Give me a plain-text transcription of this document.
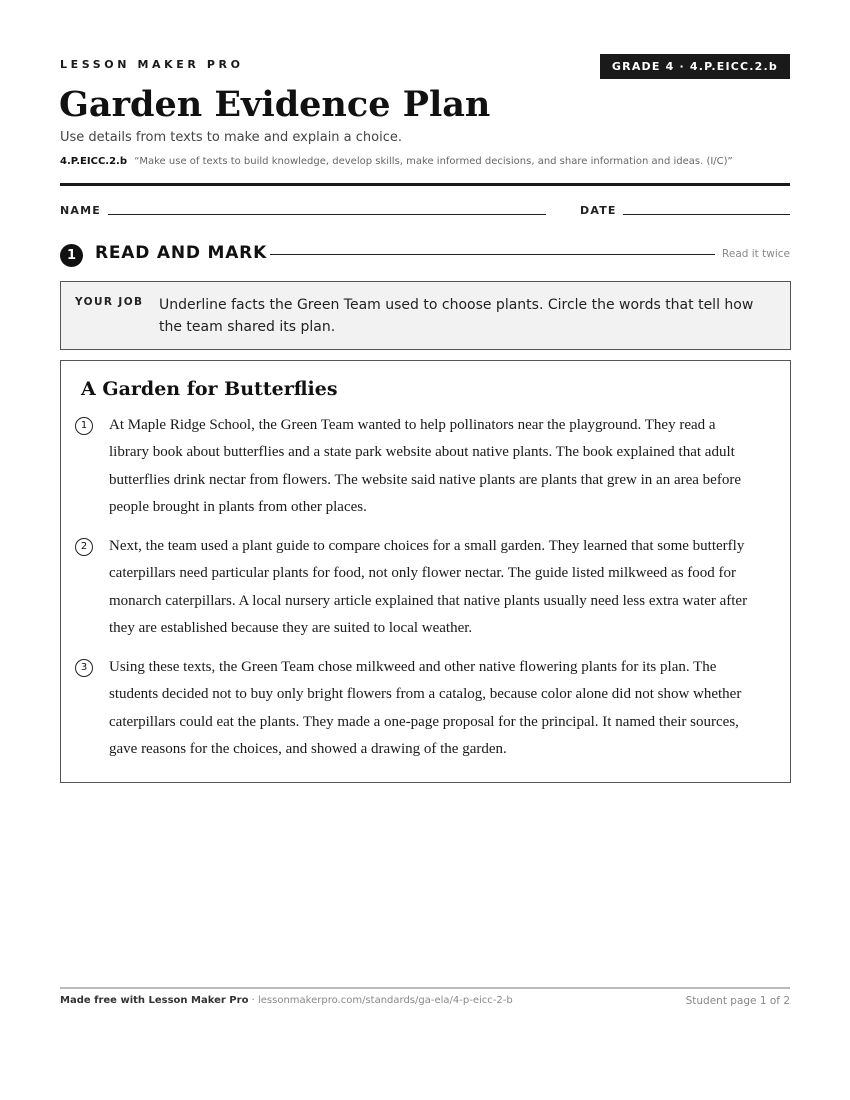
LESSON MAKER PRO	GRADE 4 · 4.P.EICC.2.b
Garden Evidence Plan
Use details from texts to make and explain a choice.
4.P.EICC.2.b “Make use of texts to build knowledge, develop skills, make informed decisions, and share information and ideas. (I/C)”
NAME	DATE
1	READ AND MARK	Read it twice
YOUR JOB Underline facts the Green Team used to choose plants. Circle the words that tell how the team shared its plan.
A Garden for Butterflies
1	At Maple Ridge School, the Green Team wanted to help pollinators near the playground. They read a library book about butterflies and a state park website about native plants. The book explained that adult butterflies drink nectar from flowers. The website said native plants are plants that grew in an area before people brought in plants from other places.
2	Next, the team used a plant guide to compare choices for a small garden. They learned that some butterfly caterpillars need particular plants for food, not only flower nectar. The guide listed milkweed as food for monarch caterpillars. A local nursery article explained that native plants usually need less extra water after they are established because they are suited to local weather.
3	Using these texts, the Green Team chose milkweed and other native flowering plants for its plan. The students decided not to buy only bright flowers from a catalog, because color alone did not show whether caterpillars could eat the plants. They made a one-page proposal for the principal. It named their sources, gave reasons for the choices, and showed a drawing of the garden.
Made free with Lesson Maker Pro · lessonmakerpro.com/standards/ga-ela/4-p-eicc-2-b	Student page 1 of 2
